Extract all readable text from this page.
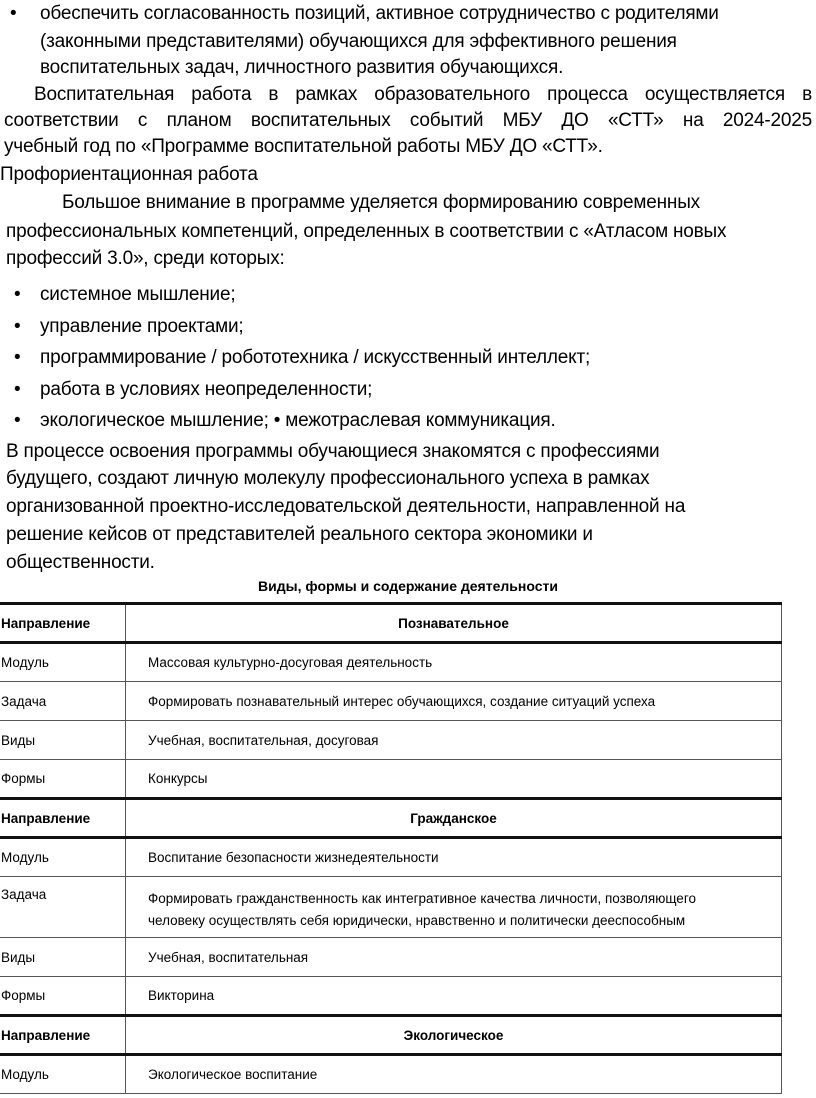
• обеспечить согласованность позиций, активное сотрудничество с родителями
(законными представителями) обучающихся для эффективного решения
воспитательных задач, личностного развития обучающихся.
Воспитательная работа в рамках образовательного процесса осуществляется в
соответствии с планом воспитательных событий МБУ ДО «СТТ» на 2024-2025
учебный год по «Программе воспитательной работы МБУ ДО «СТТ».
Профориентационная работа
Большое внимание в программе уделяется формированию современных
профессиональных компетенций, определенных в соответствии с «Атласом новых
профессий 3.0», среди которых:
• системное мышление;
• управление проектами;
• программирование / робототехника / искусственный интеллект;
• работа в условиях неопределенности;
• экологическое мышление; • межотраслевая коммуникация.
В процессе освоения программы обучающиеся знакомятся с профессиями
будущего, создают личную молекулу профессионального успеха в рамках
организованной проектно-исследовательской деятельности, направленной на
решение кейсов от представителей реального сектора экономики и
общественности.
Виды, формы и содержание деятельности
Направление	Познавательное
Модуль	Массовая культурно-досуговая деятельность
Задача	Формировать познавательный интерес обучающихся, создание ситуаций успеха
Виды	Учебная, воспитательная, досуговая
Формы	Конкурсы
Направление	Гражданское
Модуль	Воспитание безопасности жизнедеятельности
Задача	Формировать гражданственность как интегративное качества личности, позволяющего
человеку осуществлять себя юридически, нравственно и политически дееспособным

Виды	Учебная, воспитательная
Формы	Викторина
Направление	Экологическое
Модуль	Экологическое воспитание
